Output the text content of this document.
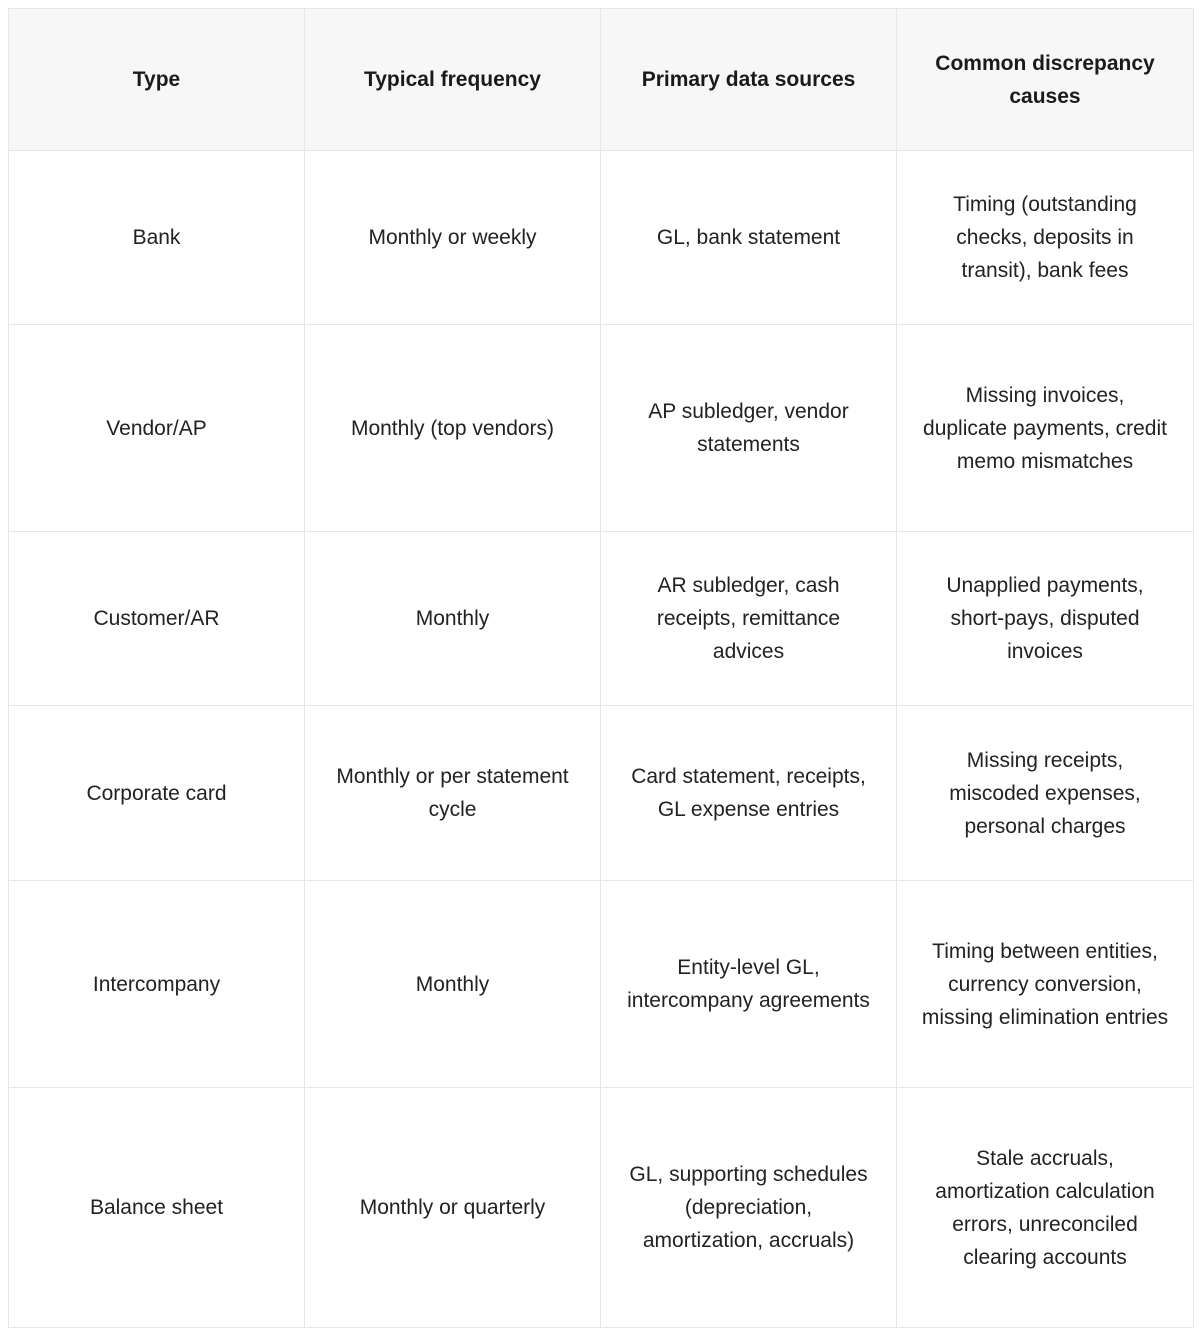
Type	Typical frequency	Primary data sources	Common discrepancy causes
Bank	Monthly or weekly	GL, bank statement	Timing (outstanding checks, deposits in transit), bank fees
Vendor/AP	Monthly (top vendors)	AP subledger, vendor statements	Missing invoices, duplicate payments, credit memo mismatches
Customer/AR	Monthly	AR subledger, cash receipts, remittance advices	Unapplied payments, short-pays, disputed invoices
Corporate card	Monthly or per statement cycle	Card statement, receipts, GL expense entries	Missing receipts, miscoded expenses, personal charges
Intercompany	Monthly	Entity-level GL, intercompany agreements	Timing between entities, currency conversion, missing elimination entries
Balance sheet	Monthly or quarterly	GL, supporting schedules (depreciation, amortization, accruals)	Stale accruals, amortization calculation errors, unreconciled clearing accounts
